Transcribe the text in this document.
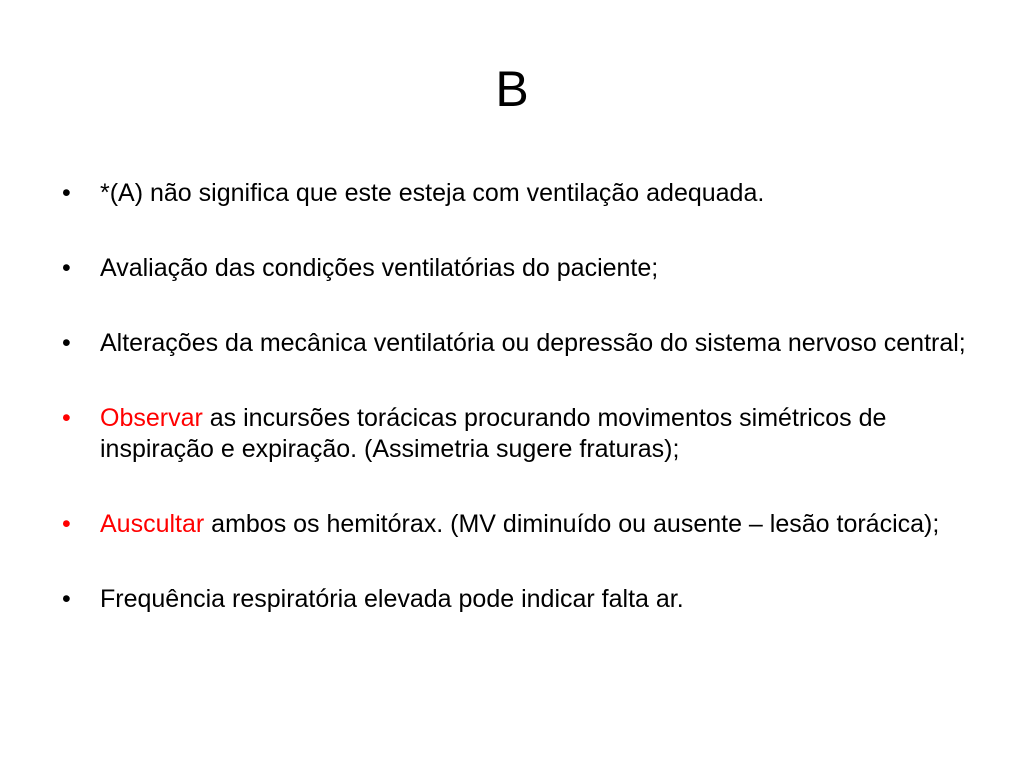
B
•	*(A) não significa que este esteja com ventilação adequada.
•	Avaliação das condições ventilatórias do paciente;
•	Alterações da mecânica ventilatória ou depressão do sistema nervoso central;
•	Observar as incursões torácicas procurando movimentos simétricos de inspiração e expiração. (Assimetria sugere fraturas);
•	Auscultar ambos os hemitórax. (MV diminuído ou ausente – lesão torácica);
•	Frequência respiratória elevada pode indicar falta ar.
